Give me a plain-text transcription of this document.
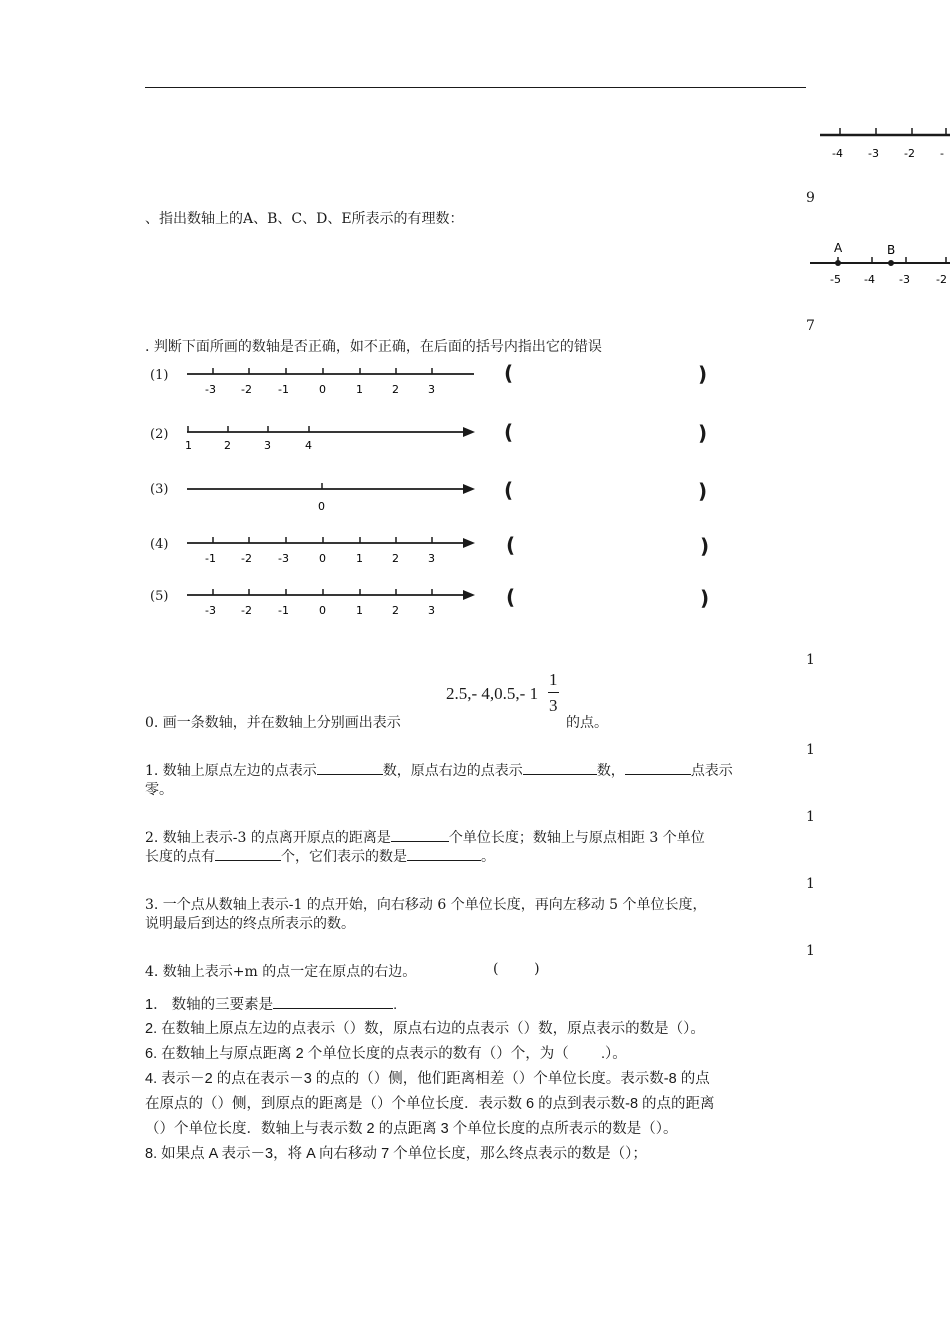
9
7
1
1
1
1
1
-4 -3 -2 -
A	B
-5 -4 -3 -2
、指出数轴上的A、B、C、D、E所表示的有理数：
. 判断下面所画的数轴是否正确，如不正确，在后面的括号内指出它的错误
(1)
-3 -2 -1	0	1	2	3
(	)
(2)
1	2	3	4
(	)
(3)
0
(	)
(4)
-1 -2 -3	0	1	2	3
(	)
(5)
-3 -2 -1	0	1	2	3
(	)
2.5,- 4,0.5,- 1
1
3
0. 画一条数轴，并在数轴上分别画出表示	的点。
1. 数轴上原点左边的点表示	数，原点右边的点表示	数，	点表示
零。
2. 数轴上表示-3 的点离开原点的距离是	个单位长度；数轴上与原点相距 3 个单位
长度的点有	个，它们表示的数是	。
3. 一个点从数轴上表示-1 的点开始，向右移动 6 个单位长度，再向左移动 5 个单位长度，
说明最后到达的终点所表示的数。
4. 数轴上表示+m 的点一定在原点的右边。	(        )
1． 数轴的三要素是	.
2. 在数轴上原点左边的点表示（）数，原点右边的点表示（）数，原点表示的数是（）。
6. 在数轴上与原点距离 2 个单位长度的点表示的数有（）个，为（        .）。
4. 表示－2 的点在表示－3 的点的（）侧，他们距离相差（）个单位长度。表示数-8 的点
在原点的（）侧，到原点的距离是（）个单位长度．表示数 6 的点到表示数-8 的点的距离
（）个单位长度．数轴上与表示数 2 的点距离 3 个单位长度的点所表示的数是（）。
8. 如果点 A 表示－3，将 A 向右移动 7 个单位长度，那么终点表示的数是（）；
